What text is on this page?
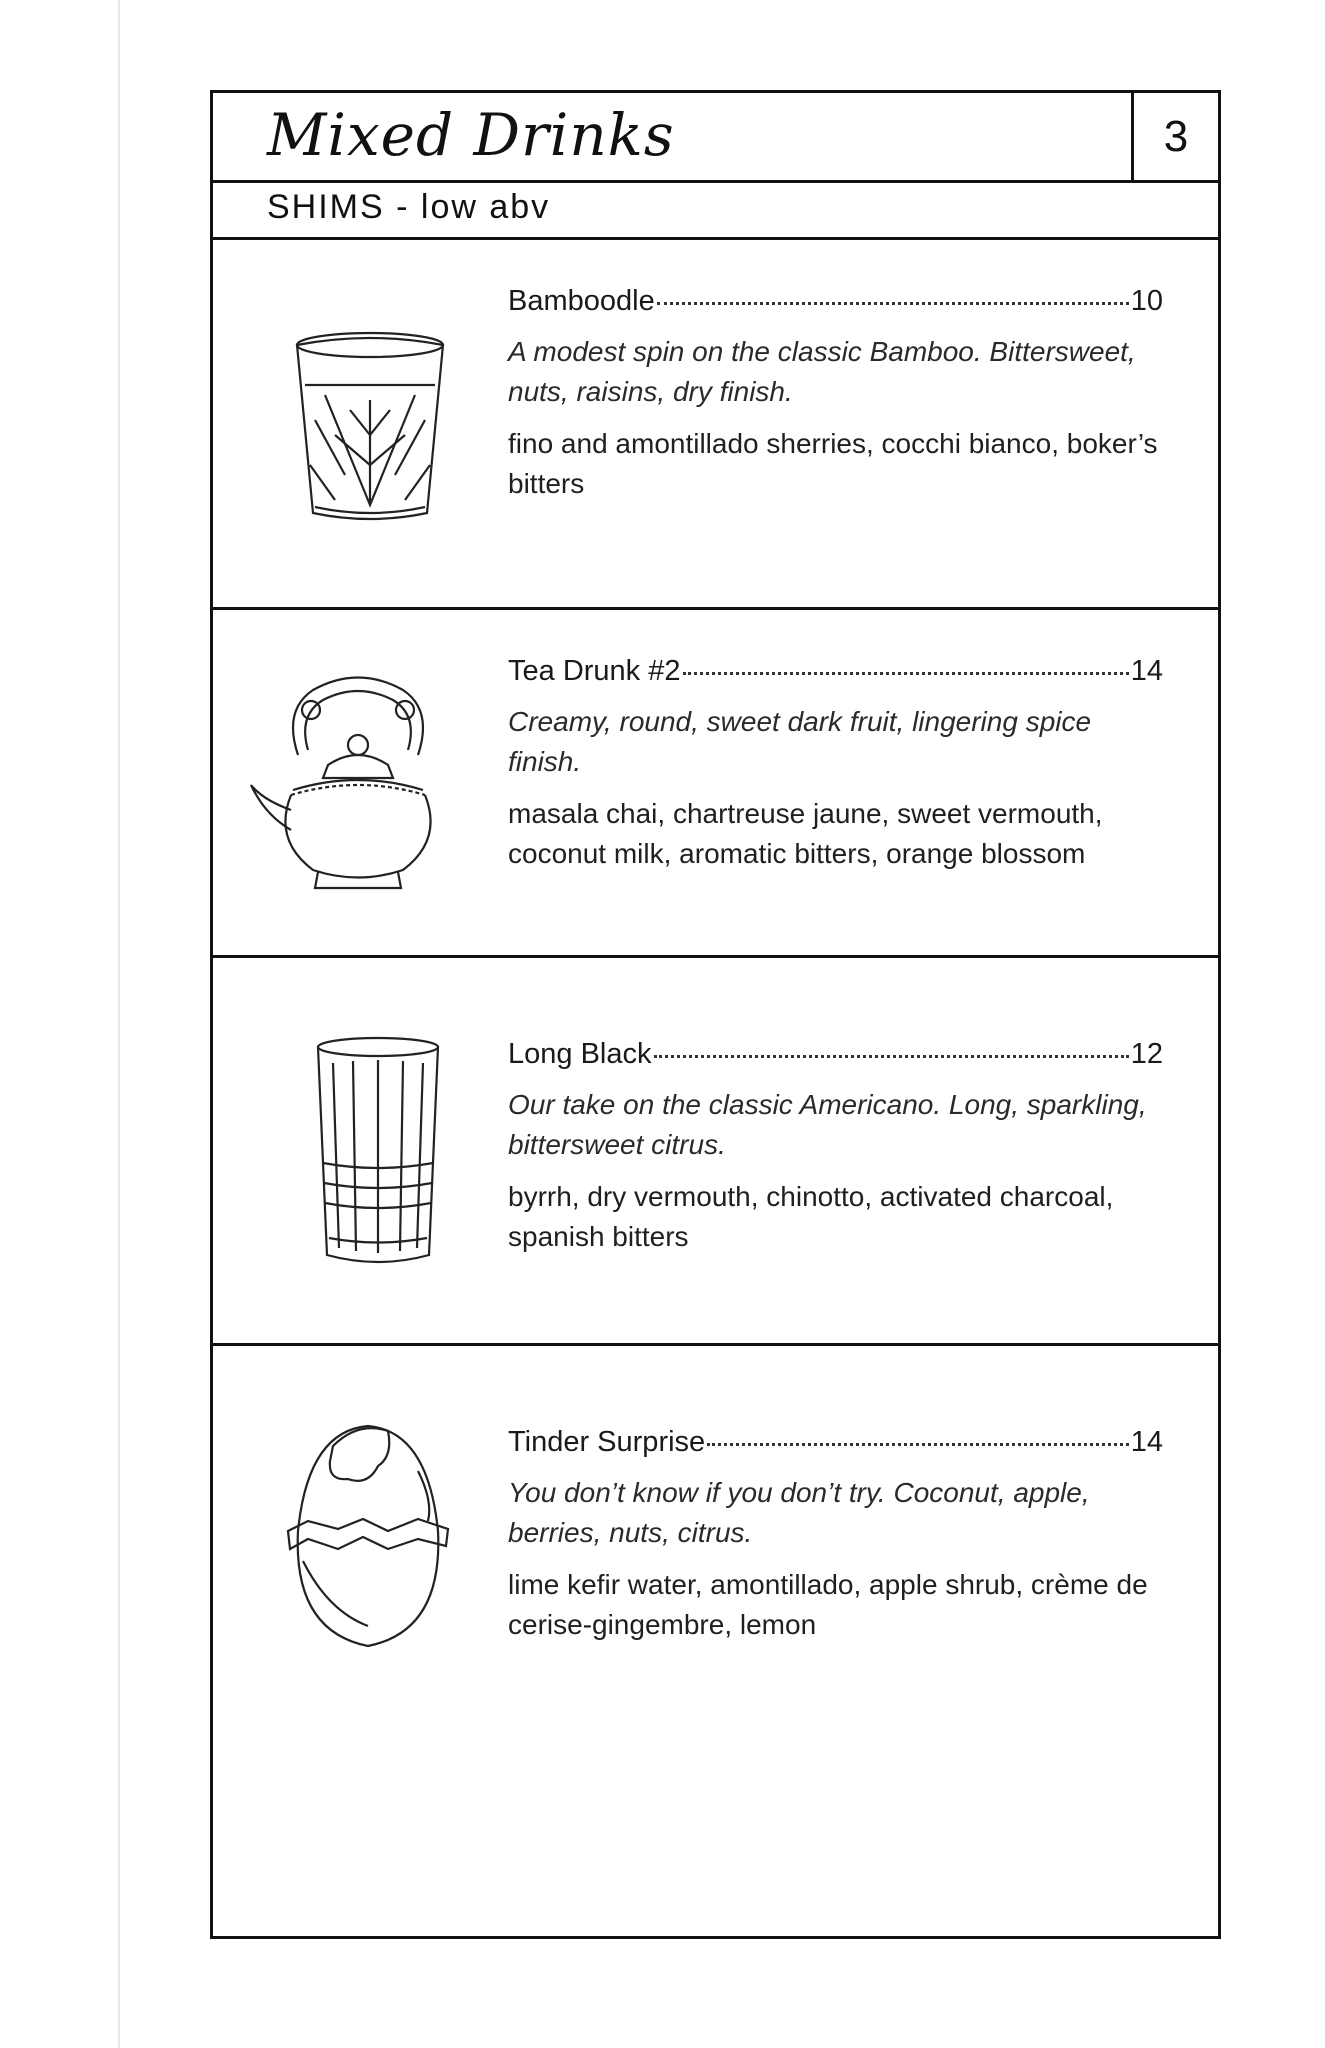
Mixed Drinks	3
SHIMS - low abv
Bamboodle	10
A modest spin on the classic Bamboo. Bittersweet, nuts, raisins, dry finish.
fino and amontillado sherries, cocchi bianco, boker’s bitters
Tea Drunk #2	14
Creamy, round, sweet dark fruit, lingering spice finish.
masala chai, chartreuse jaune, sweet vermouth, coconut milk, aromatic bitters, orange blossom
Long Black	12
Our take on the classic Americano. Long, sparkling, bittersweet citrus.
byrrh, dry vermouth, chinotto, activated charcoal, spanish bitters
Tinder Surprise	14
You don’t know if you don’t try. Coconut, apple, berries, nuts, citrus.
lime kefir water, amontillado, apple shrub, crème de cerise-gingembre, lemon
